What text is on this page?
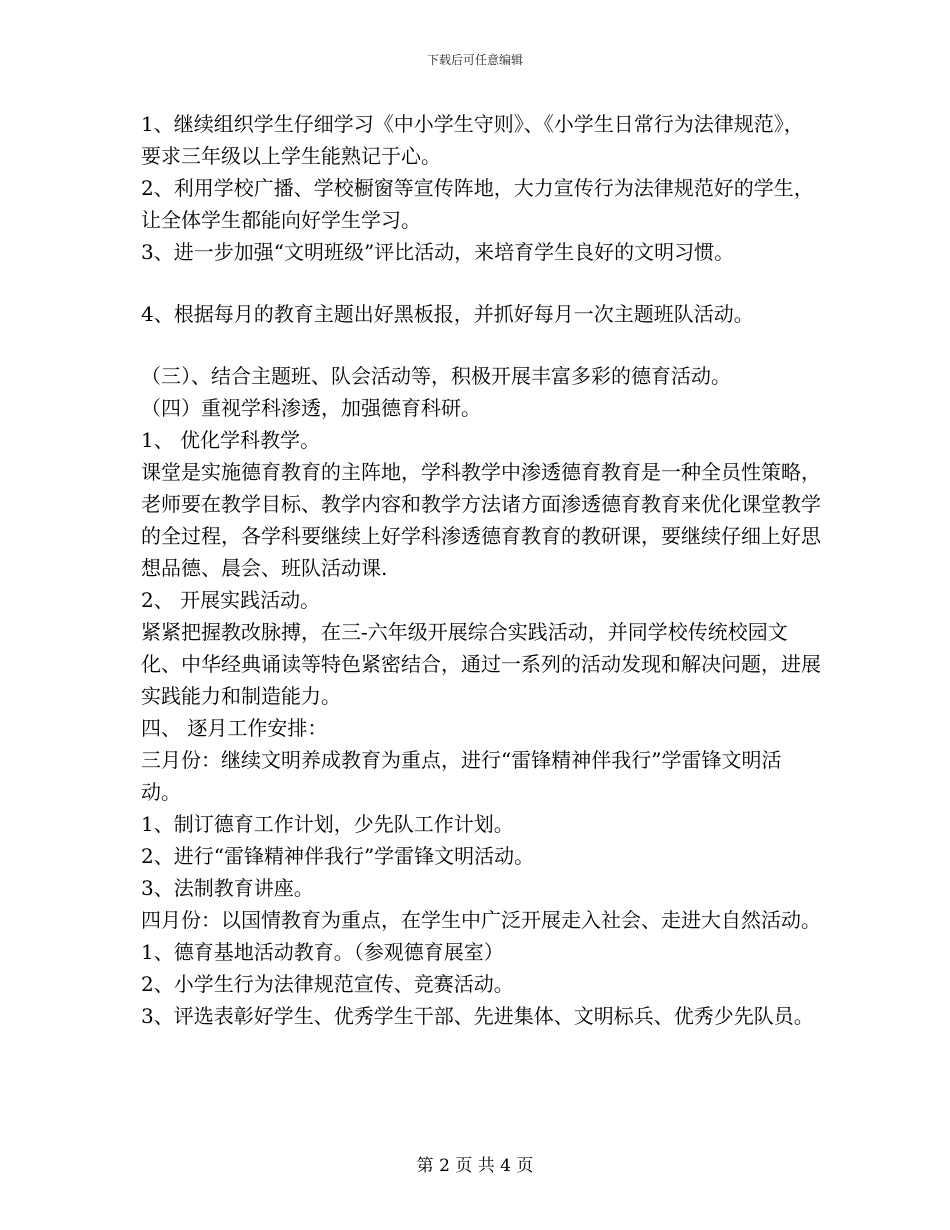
下载后可任意编辑

1、继续组织学生仔细学习《中小学生守则》、《小学生日常行为法律规范》，要求三年级以上学生能熟记于心。

2、利用学校广播、学校橱窗等宣传阵地，大力宣传行为法律规范好的学生，让全体学生都能向好学生学习。

3、进一步加强“文明班级”评比活动，来培育学生良好的文明习惯。

4、根据每月的教育主题出好黑板报，并抓好每月一次主题班队活动。

（三）、结合主题班、队会活动等，积极开展丰富多彩的德育活动。

（四）重视学科渗透，加强德育科研。

1、 优化学科教学。

课堂是实施德育教育的主阵地，学科教学中渗透德育教育是一种全员性策略，老师要在教学目标、教学内容和教学方法诸方面渗透德育教育来优化课堂教学的全过程，各学科要继续上好学科渗透德育教育的教研课，要继续仔细上好思想品德、晨会、班队活动课.

2、 开展实践活动。

紧紧把握教改脉搏，在三-六年级开展综合实践活动，并同学校传统校园文化、中华经典诵读等特色紧密结合，通过一系列的活动发现和解决问题，进展实践能力和制造能力。

四、 逐月工作安排：

三月份：继续文明养成教育为重点，进行“雷锋精神伴我行”学雷锋文明活动。

1、制订德育工作计划，少先队工作计划。

2、进行“雷锋精神伴我行”学雷锋文明活动。

3、法制教育讲座。

四月份：以国情教育为重点，在学生中广泛开展走入社会、走进大自然活动。

1、德育基地活动教育。（参观德育展室）

2、小学生行为法律规范宣传、竞赛活动。

3、评选表彰好学生、优秀学生干部、先进集体、文明标兵、优秀少先队员。

第 2 页 共 4 页
